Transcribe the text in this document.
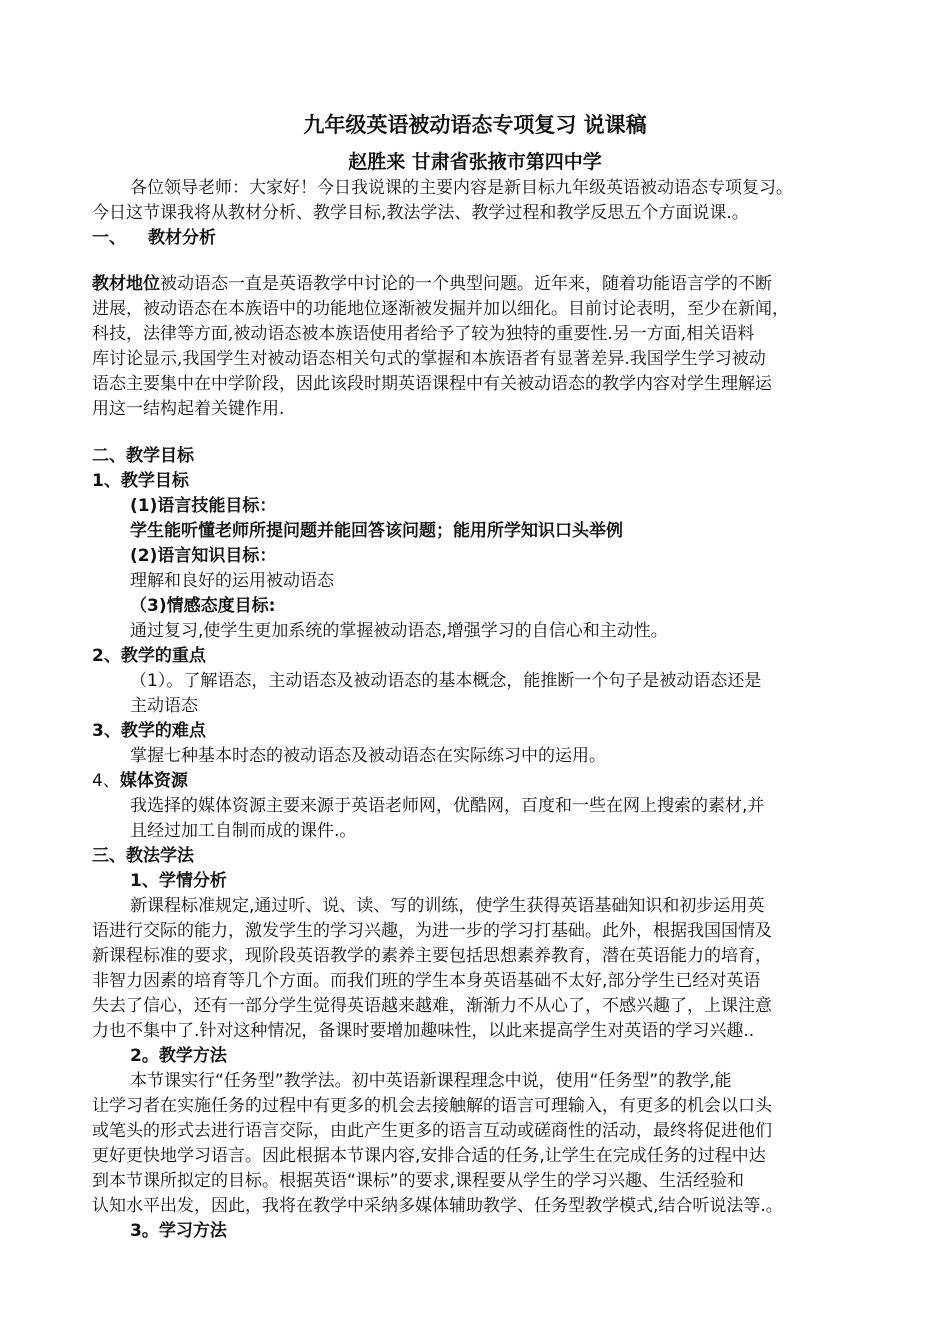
九年级英语被动语态专项复习 说课稿
赵胜来 甘肃省张掖市第四中学
各位领导老师：大家好！今日我说课的主要内容是新目标九年级英语被动语态专项复习。
今日这节课我将从教材分析、教学目标,教法学法、教学过程和教学反思五个方面说课.。
一、 教材分析
教材地位被动语态一直是英语教学中讨论的一个典型问题。近年来，随着功能语言学的不断
进展，被动语态在本族语中的功能地位逐渐被发掘并加以细化。目前讨论表明，至少在新闻，
科技，法律等方面,被动语态被本族语使用者给予了较为独特的重要性.另一方面,相关语料
库讨论显示,我国学生对被动语态相关句式的掌握和本族语者有显著差异.我国学生学习被动
语态主要集中在中学阶段，因此该段时期英语课程中有关被动语态的教学内容对学生理解运
用这一结构起着关键作用.
二、教学目标
1、教学目标
(1)语言技能目标：
学生能听懂老师所提问题并能回答该问题；能用所学知识口头举例
(2)语言知识目标：
理解和良好的运用被动语态
（3)情感态度目标:
通过复习,使学生更加系统的掌握被动语态,增强学习的自信心和主动性。
2、教学的重点
（1）。了解语态，主动语态及被动语态的基本概念，能推断一个句子是被动语态还是
主动语态
3、教学的难点
掌握七种基本时态的被动语态及被动语态在实际练习中的运用。
4、媒体资源
我选择的媒体资源主要来源于英语老师网，优酷网，百度和一些在网上搜索的素材,并
且经过加工自制而成的课件.。
三、教法学法
1、学情分析
新课程标准规定,通过听、说、读、写的训练，使学生获得英语基础知识和初步运用英
语进行交际的能力，激发学生的学习兴趣，为进一步的学习打基础。此外，根据我国国情及
新课程标准的要求，现阶段英语教学的素养主要包括思想素养教育，潜在英语能力的培育，
非智力因素的培育等几个方面。而我们班的学生本身英语基础不太好,部分学生已经对英语
失去了信心，还有一部分学生觉得英语越来越难，渐渐力不从心了，不感兴趣了，上课注意
力也不集中了.针对这种情况，备课时要增加趣味性，以此来提高学生对英语的学习兴趣..
2。教学方法
本节课实行“任务型”教学法。初中英语新课程理念中说，使用“任务型”的教学,能
让学习者在实施任务的过程中有更多的机会去接触解的语言可理输入，有更多的机会以口头
或笔头的形式去进行语言交际，由此产生更多的语言互动或磋商性的活动，最终将促进他们
更好更快地学习语言。因此根据本节课内容,安排合适的任务,让学生在完成任务的过程中达
到本节课所拟定的目标。根据英语“课标”的要求,课程要从学生的学习兴趣、生活经验和
认知水平出发，因此，我将在教学中采纳多媒体辅助教学、任务型教学模式,结合听说法等.。
3。学习方法
